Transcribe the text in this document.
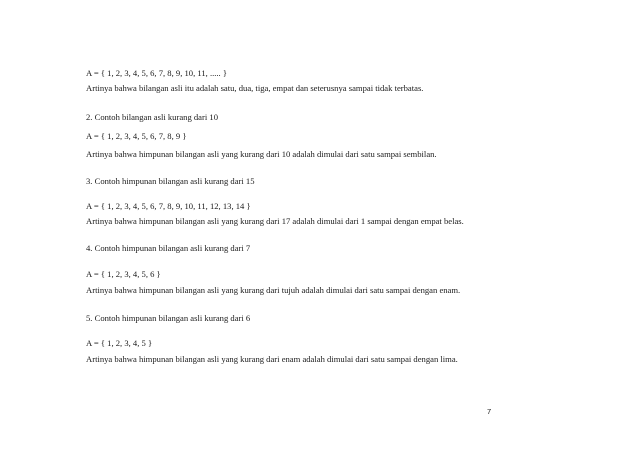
A = { 1, 2, 3, 4, 5, 6, 7, 8, 9, 10, 11, ..... }
Artinya bahwa bilangan asli itu adalah satu, dua, tiga, empat dan seterusnya sampai tidak terbatas.
2. Contoh bilangan asli kurang dari 10
A = { 1, 2, 3, 4, 5, 6, 7, 8, 9 }
Artinya bahwa himpunan bilangan asli yang kurang dari 10 adalah dimulai dari satu sampai sembilan.
3. Contoh himpunan bilangan asli kurang dari 15
A = { 1, 2, 3, 4, 5, 6, 7, 8, 9, 10, 11, 12, 13, 14 }
Artinya bahwa himpunan bilangan asli yang kurang dari 17 adalah dimulai dari 1 sampai dengan empat belas.
4. Contoh himpunan bilangan asli kurang dari 7
A = { 1, 2, 3, 4, 5, 6 }
Artinya bahwa himpunan bilangan asli yang kurang dari tujuh adalah dimulai dari satu sampai dengan enam.
5. Contoh himpunan bilangan asli kurang dari 6
A = { 1, 2, 3, 4, 5 }
Artinya bahwa himpunan bilangan asli yang kurang dari enam adalah dimulai dari satu sampai dengan lima.
7
